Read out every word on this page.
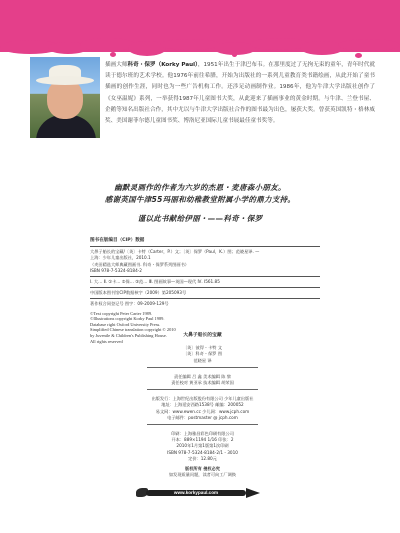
插画大师科奇・保罗（Korky Paul），1951年出生于津巴布韦。在那里度过了无拘无束的童年，青年时代就读于德尔班的艺术学校。他1976年前往希腊，开始为出版社的一系列儿童教育类书籍绘画，从此开始了童书插画的创作生涯，同时也为一些广告机构工作。还涉足动画制作业。1986年，他为牛津大学出版社创作了《女巫温妮》系列，一举获得1987年儿童图书大奖，从此迎来了插画事业的黄金时期。与牛津、兰登书屋、企鹅等知名出版社合作，其中尤以与牛津大学出版社合作的图书最为出色，屡获大奖。曾获英国凯特・格林威奖、美国谢菲尔德儿童图书奖、博洛尼亚国际儿童书展最佳童书奖等。
幽默灵画作的作者为六岁的杰恩・麦唐森小朋友。
感谢英国牛津55玛丽和幼稚教堂附属小学的鼎力支持。
谨以此书献给伊丽・——科奇・保罗
图书在版编目（CIP）数据
大鼻子船长的宝藏/〔英〕卡特（Carter，P.）文；〔英〕保罗（Paul，K.）图；范晓星译. —
上海：少年儿童出版社，2010.1
（麦田精选大师典藏图画书. 科奇・保罗系列图画书）
ISBN 978-7-5324-8184-2
Ⅰ. 大… Ⅱ. ①卡… ②保… ③范… Ⅲ. 图画故事—英国—现代 Ⅳ. I561.85
中国版本图书馆CIP数据核字（2009）第205093号
著作权合同登记号 图字：09-2009-129号
©Text copyright Peter Carter 1989.
©Illustrations copyright Korky Paul 1989.
Database right Oxford University Press.
Simplified Chinese translation copyright © 2010
by Juvenile & Children's Publishing House.
All rights reserved
大鼻子船长的宝藏
〔英〕彼得・卡特 文
〔英〕科奇・保罗 图
范晓星 译
责任编辑 吕 鑫 美术编辑 陈 黎
责任校对 黄亚承 技术编辑 胡荣国
出版发行：上海世纪出版股份有限公司 少年儿童出版社
地址：上海延安西路1538号 邮编：200052
易文网：www.ewen.cc 少儿网：www.jcph.com
电子邮件：postmaster @ jcph.com
印刷：上海雅昌彩色印刷有限公司
开本：889×1194 1/16 印张：2
2010年1月第1版第1次印刷
ISBN 978-7-5324-8184-2/1・3010
定价：12.80元
版权所有 侵权必究
如发现质量问题，读者可向工厂调换
www.korkypaul.com
